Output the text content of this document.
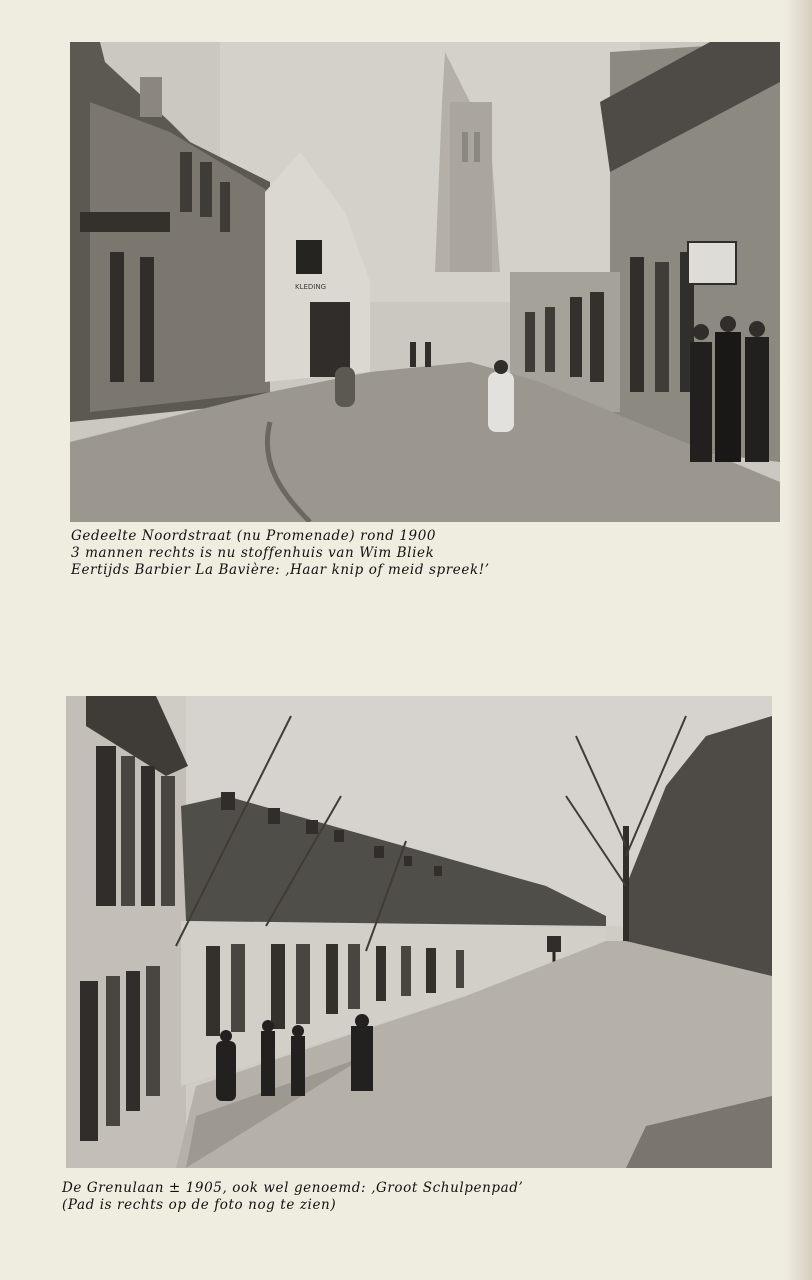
KLEDING
Gedeelte Noordstraat (nu Promenade) rond 1900
3 mannen rechts is nu stoffenhuis van Wim Bliek
Eertijds Barbier La Bavière: ‚Haar knip of meid spreek!’
De Grenulaan ± 1905, ook wel genoemd: ‚Groot Schulpenpad’
(Pad is rechts op de foto nog te zien)
